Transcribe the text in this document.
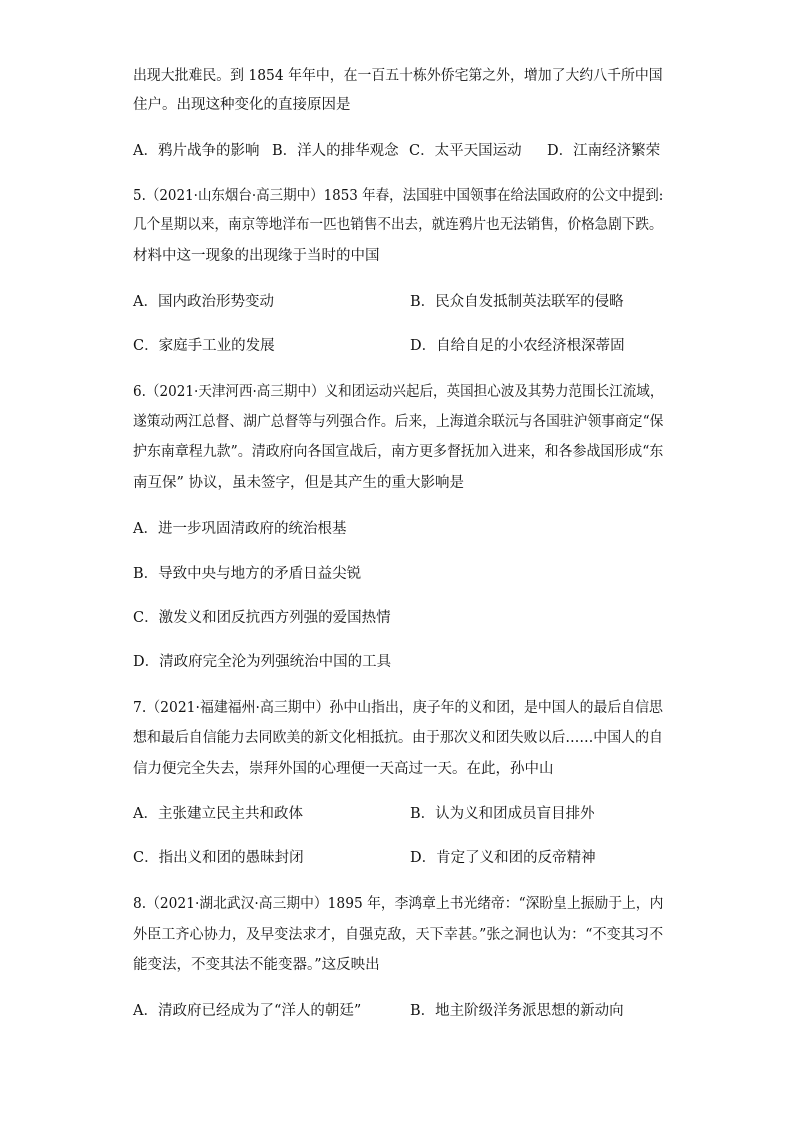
出现大批难民。到 1854 年年中，在一百五十栋外侨宅第之外，增加了大约八千所中国
住户。出现这种变化的直接原因是
A．鸦片战争的影响 B．洋人的排华观念 C．太平天国运动 D．江南经济繁荣
5.（2021·山东烟台·高三期中）1853 年春，法国驻中国领事在给法国政府的公文中提到:
几个星期以来，南京等地洋布一匹也销售不出去，就连鸦片也无法销售，价格急剧下跌。
材料中这一现象的出现缘于当时的中国
A．国内政治形势变动	B．民众自发抵制英法联军的侵略
C．家庭手工业的发展	D．自给自足的小农经济根深蒂固
6.（2021·天津河西·高三期中）义和团运动兴起后，英国担心波及其势力范围长江流域，
遂策动两江总督、湖广总督等与列强合作。后来，上海道余联沅与各国驻沪领事商定“保
护东南章程九款”。清政府向各国宣战后，南方更多督抚加入进来，和各参战国形成“东
南互保” 协议，虽未签字，但是其产生的重大影响是
A．进一步巩固清政府的统治根基
B．导致中央与地方的矛盾日益尖锐
C．激发义和团反抗西方列强的爱国热情
D．清政府完全沦为列强统治中国的工具
7.（2021·福建福州·高三期中）孙中山指出，庚子年的义和团，是中国人的最后自信思
想和最后自信能力去同欧美的新文化相抵抗。由于那次义和团失败以后……中国人的自
信力便完全失去，崇拜外国的心理便一天高过一天。在此，孙中山
A．主张建立民主共和政体	B．认为义和团成员盲目排外
C．指出义和团的愚昧封闭	D．肯定了义和团的反帝精神
8.（2021·湖北武汉·高三期中）1895 年，李鸿章上书光绪帝：“深盼皇上振励于上，内
外臣工齐心协力，及早变法求才，自强克敌，天下幸甚。”张之洞也认为：“不变其习不
能变法，不变其法不能变器。”这反映出
A．清政府已经成为了“洋人的朝廷”	B．地主阶级洋务派思想的新动向
